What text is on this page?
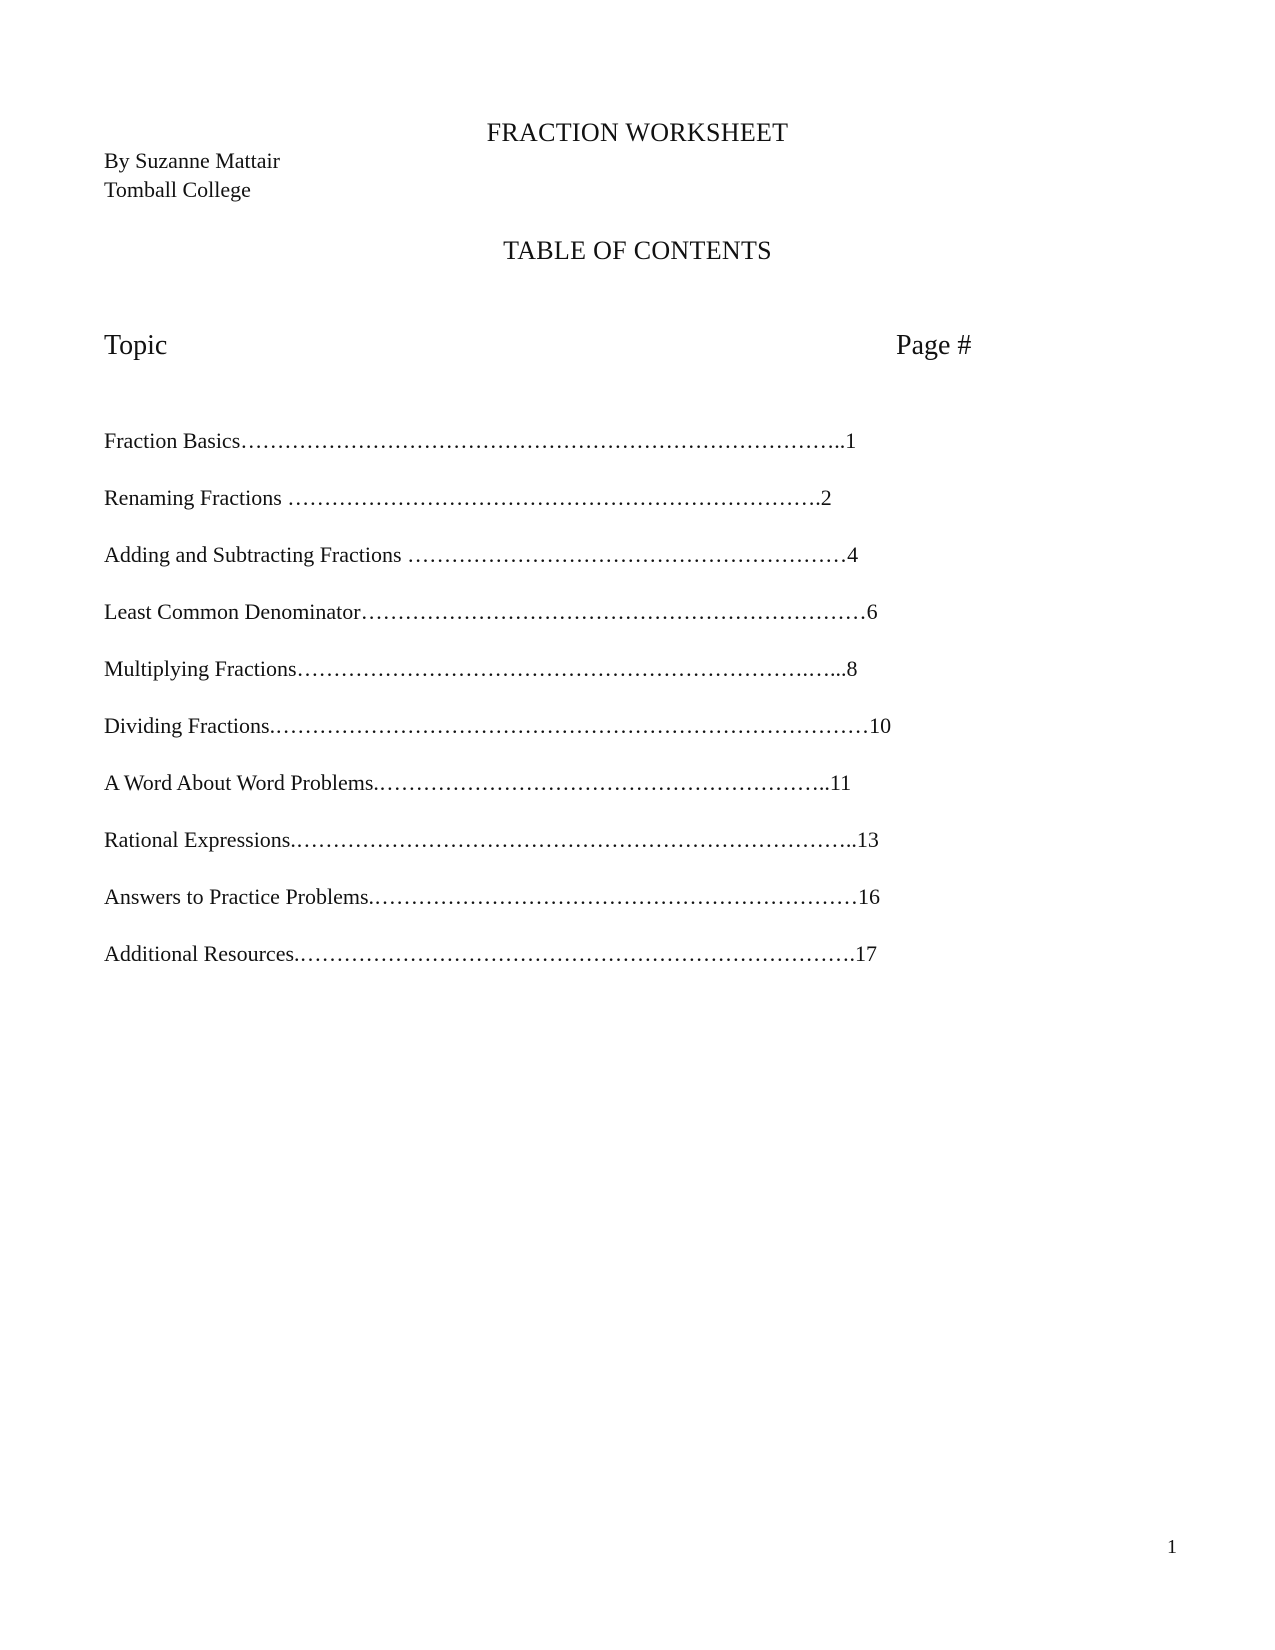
FRACTION WORKSHEET
By Suzanne Mattair
Tomball College
TABLE OF CONTENTS
Topic	Page #
Fraction Basics………………………………………………………………………..1
Renaming Fractions ……………………………………………………………….2
Adding and Subtracting Fractions ……………………………………………………4
Least Common Denominator……………………………………………………………6
Multiplying Fractions…………………………………………………………….…...8
Dividing Fractions.………………………………………………………………………10
A Word About Word Problems.……………………………………………………..11
Rational Expressions.…………………………………………………………………..13
Answers to Practice Problems.…………………………………………………………16
Additional Resources.………………………………………………………………….17
1
